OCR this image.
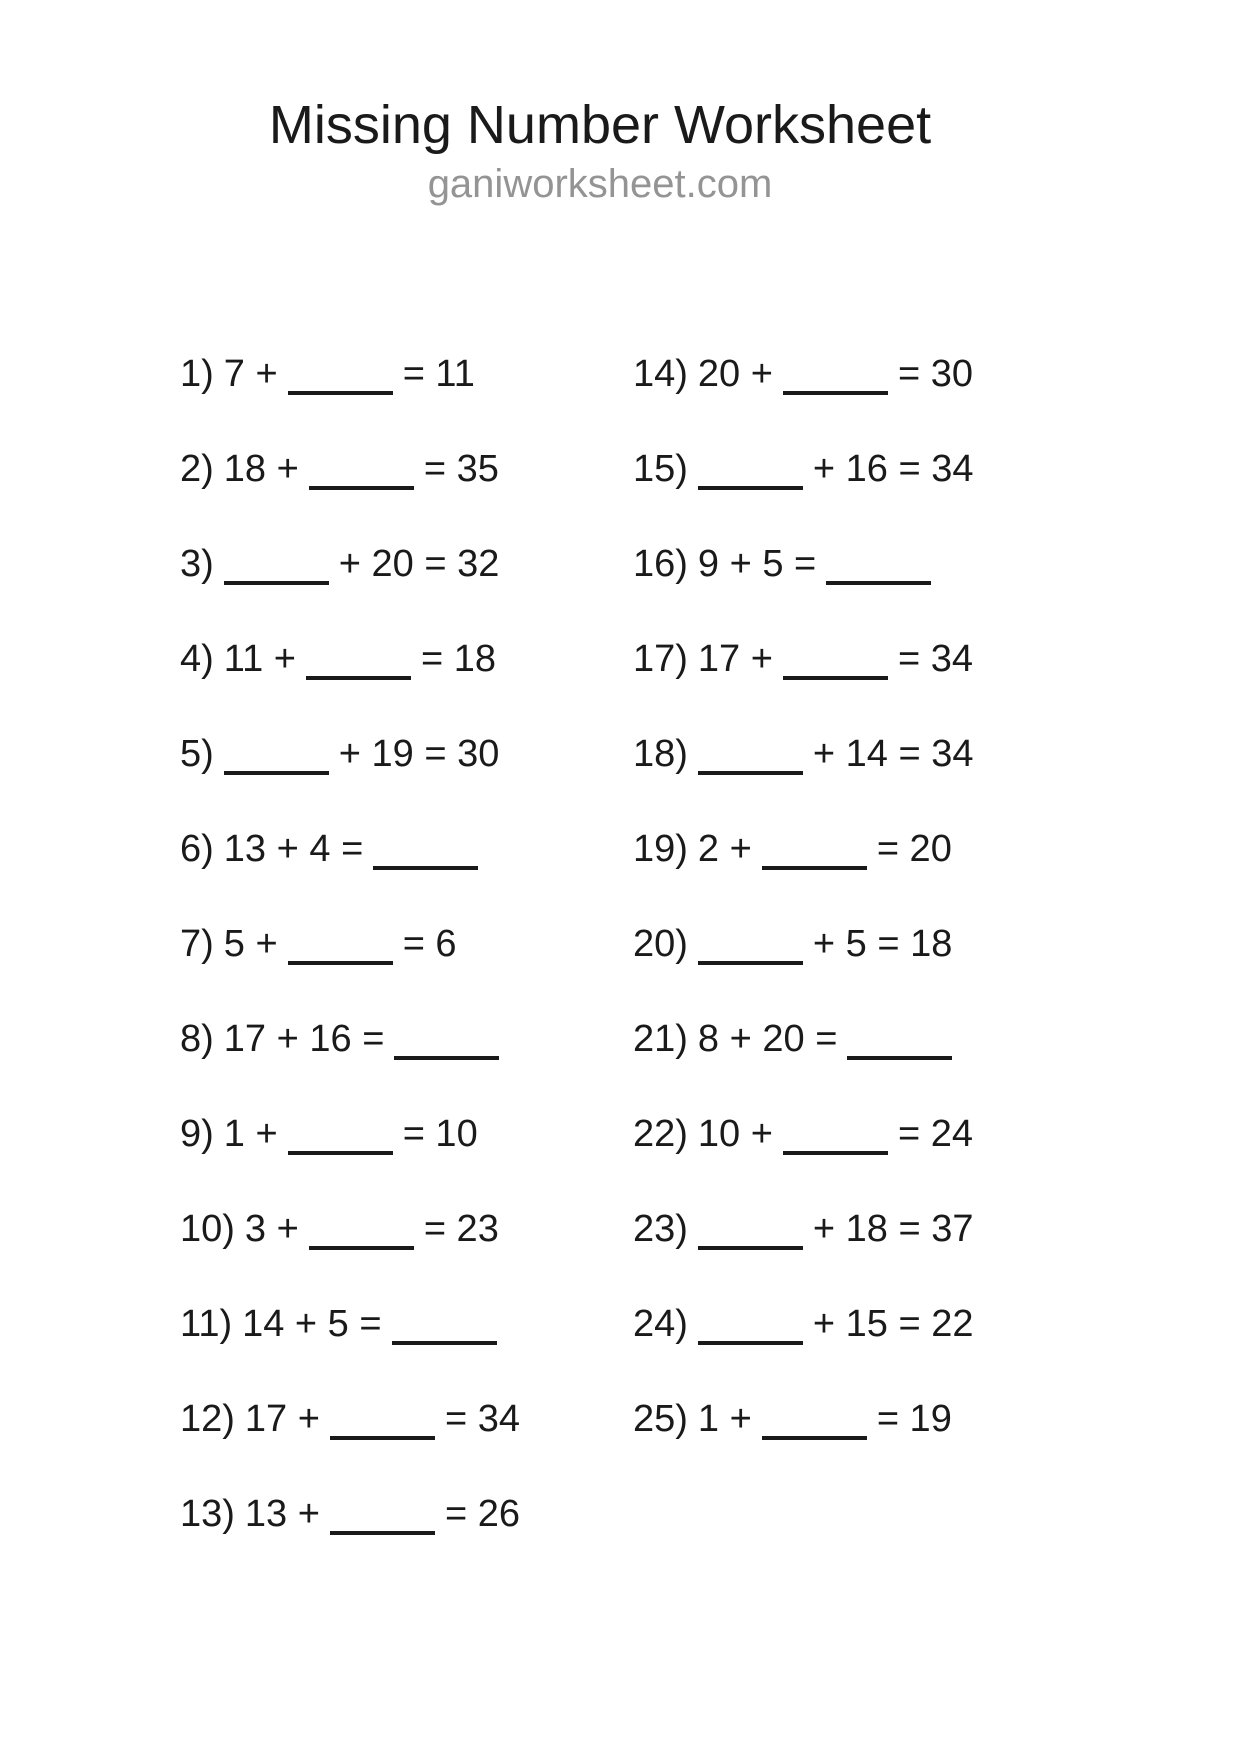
Missing Number Worksheet
ganiworksheet.com
1) 7 +	= 11
2) 18 +	= 35
3)	+ 20 = 32
4) 11 +	= 18
5)	+ 19 = 30
6) 13 + 4 =
7) 5 +	= 6
8) 17 + 16 =
9) 1 +	= 10
10) 3 +	= 23
11) 14 + 5 =
12) 17 +	= 34
13) 13 +	= 26
14) 20 +	= 30
15)	+ 16 = 34
16) 9 + 5 =
17) 17 +	= 34
18)	+ 14 = 34
19) 2 +	= 20
20)	+ 5 = 18
21) 8 + 20 =
22) 10 +	= 24
23)	+ 18 = 37
24)	+ 15 = 22
25) 1 +	= 19
